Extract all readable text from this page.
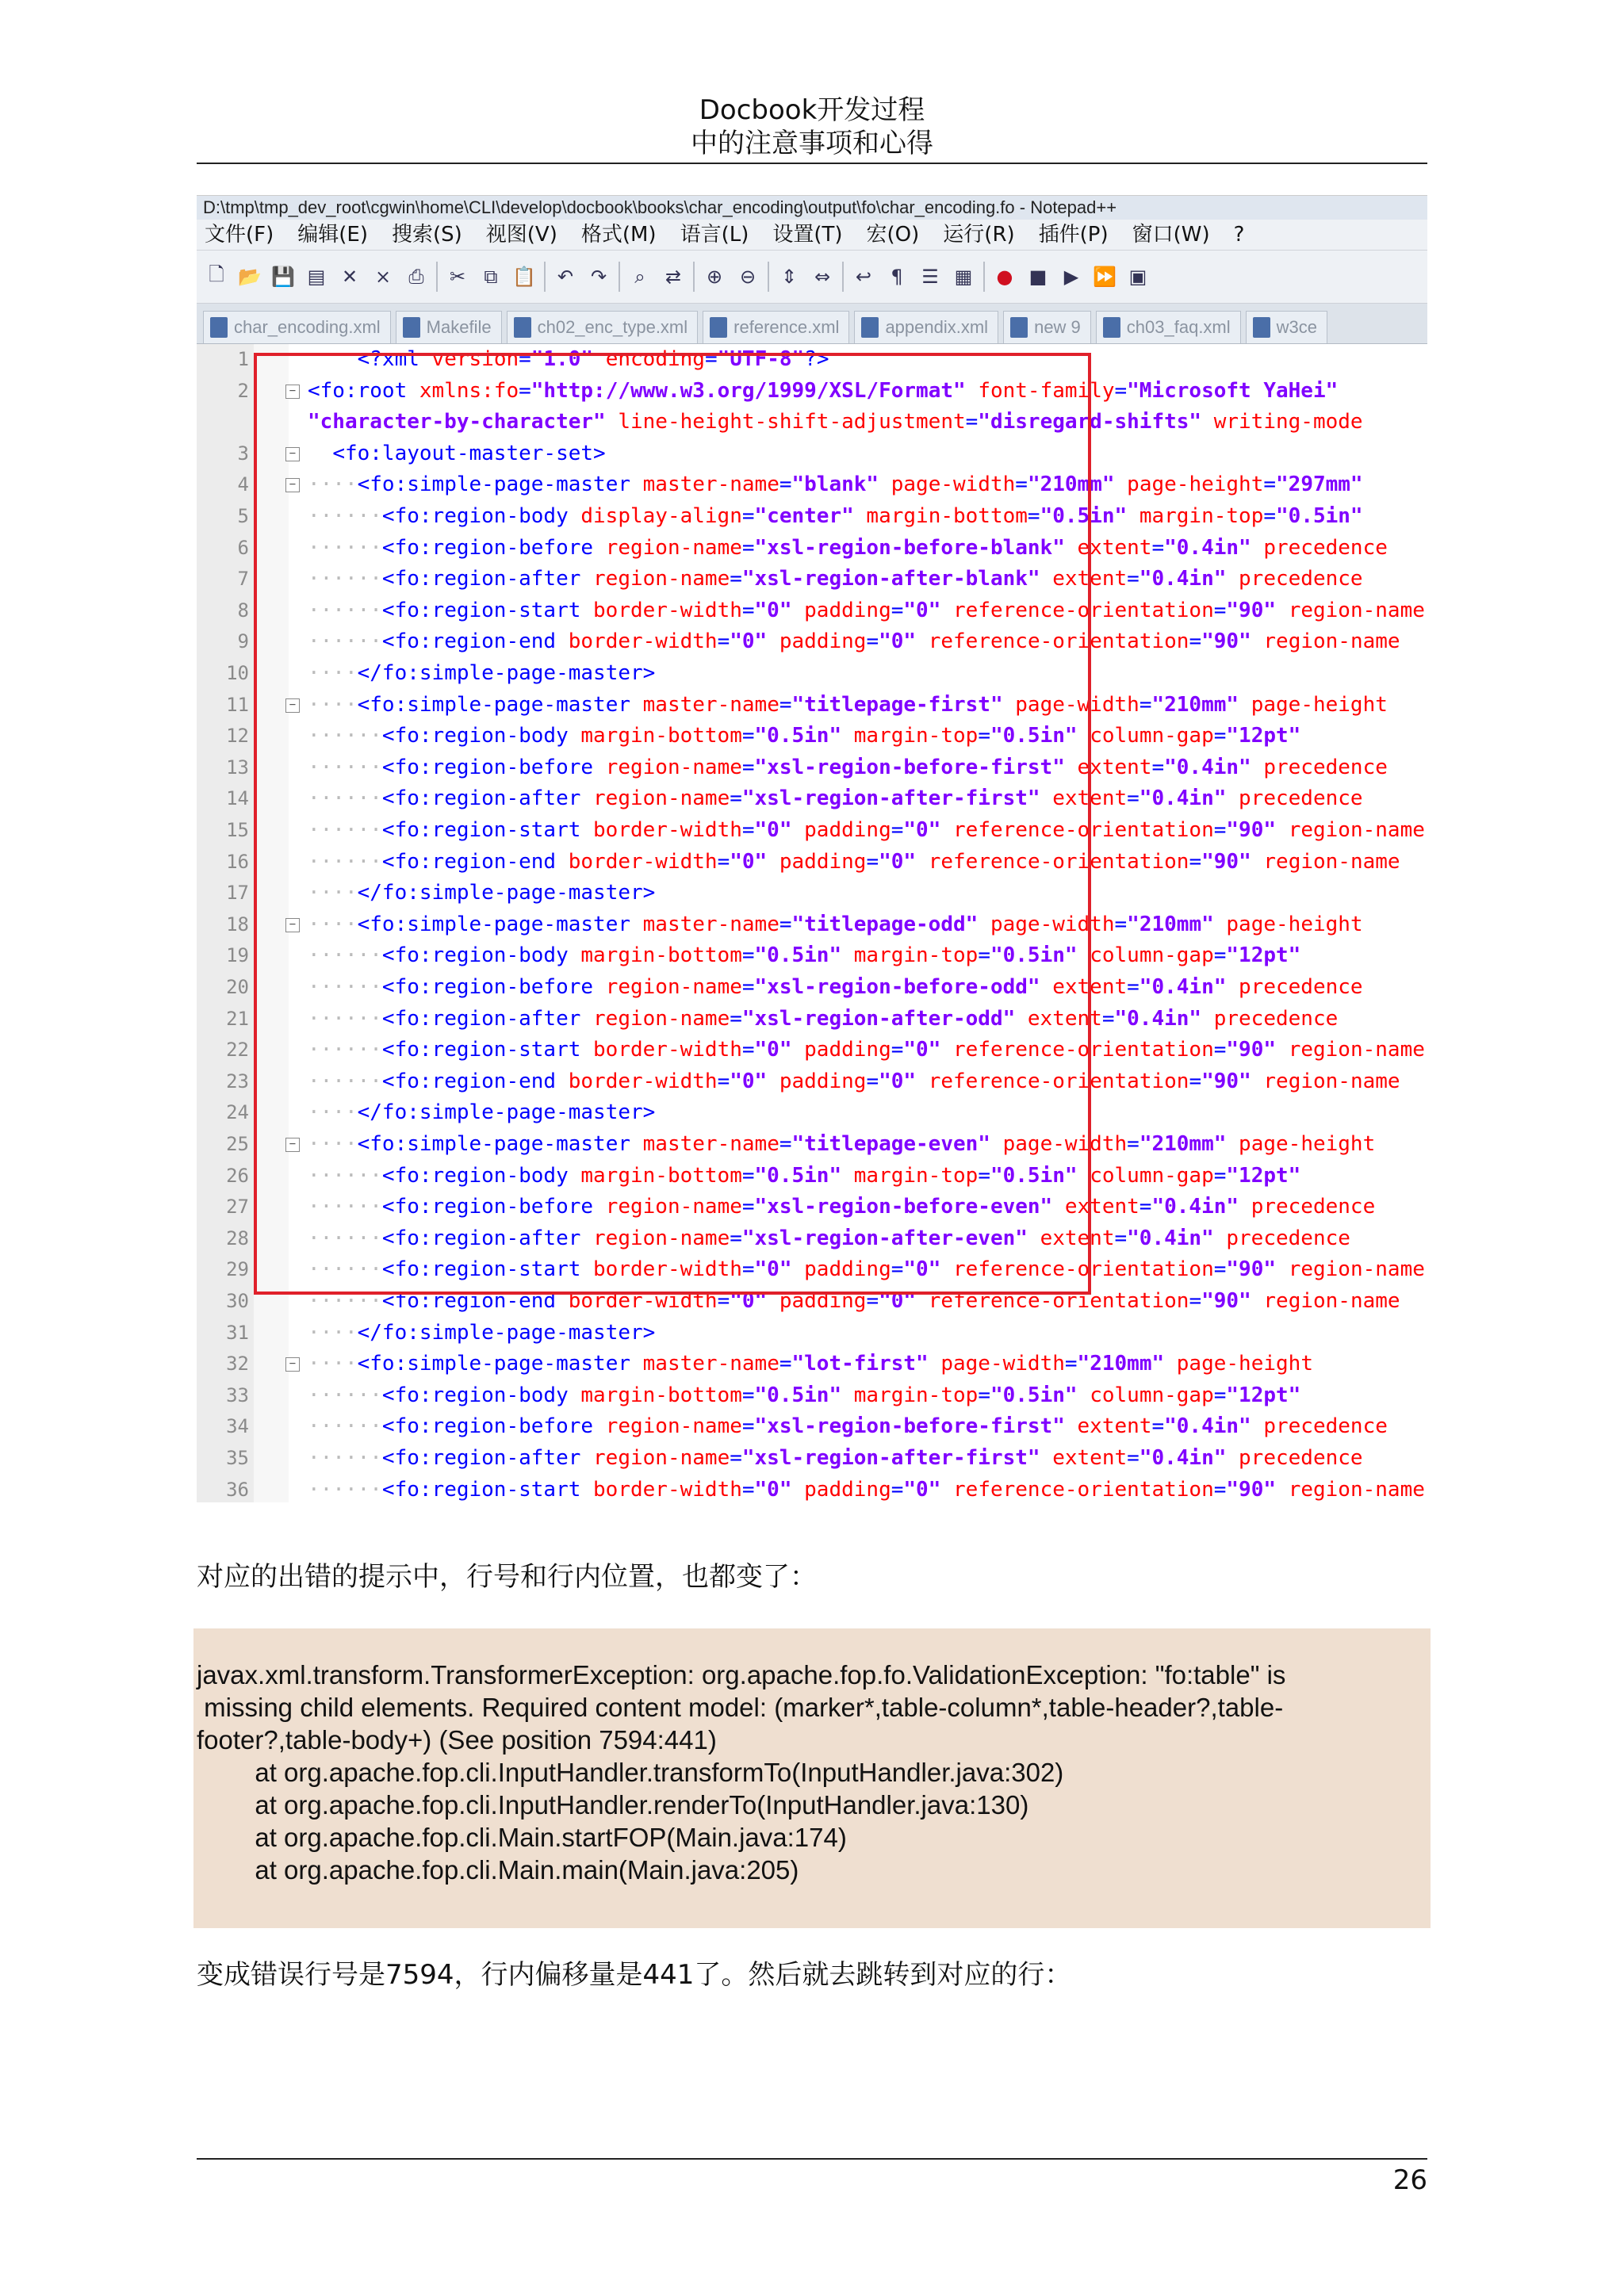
Docbook开发过程
中的注意事项和心得
D:\tmp\tmp_dev_root\cgwin\home\CLI\develop\docbook\books\char_encoding\output\fo\char_encoding.fo - Notepad++
文件(F) 编辑(E) 搜索(S) 视图(V) 格式(M) 语言(L) 设置(T) 宏(O) 运行(R) 插件(P) 窗口(W) ?
🗋 📂 💾 ▤ ✕ ⨯ ⎙	✂ ⧉ 📋 ↶ ↷	⌕	⇄ ⊕ ⊖ ⇕ ⇔ ↩	¶ ☰ ▦ ● ■ ▶ ⏩ ▣
char_encoding.xml	Makefile	ch02_enc_type.xml	reference.xml	appendix.xml	new 9	ch03_faq.xml	w3ce
1	<?xml version="1.0" encoding="UTF-8"?>
2	− <fo:root xmlns:fo="http://www.w3.org/1999/XSL/Format" font-family="Microsoft YaHei"
"character-by-character" line-height-shift-adjustment="disregard-shifts" writing-mode
3	−	<fo:layout-master-set>
4	− ····<fo:simple-page-master master-name="blank" page-width="210mm" page-height="297mm"
5	······<fo:region-body display-align="center" margin-bottom="0.5in" margin-top="0.5in"
6	······<fo:region-before region-name="xsl-region-before-blank" extent="0.4in" precedence
7	······<fo:region-after region-name="xsl-region-after-blank" extent="0.4in" precedence
8	······<fo:region-start border-width="0" padding="0" reference-orientation="90" region-name
9	······<fo:region-end border-width="0" padding="0" reference-orientation="90" region-name
10	····</fo:simple-page-master>
11	− ····<fo:simple-page-master master-name="titlepage-first" page-width="210mm" page-height
12	······<fo:region-body margin-bottom="0.5in" margin-top="0.5in" column-gap="12pt"
13	······<fo:region-before region-name="xsl-region-before-first" extent="0.4in" precedence
14	······<fo:region-after region-name="xsl-region-after-first" extent="0.4in" precedence
15	······<fo:region-start border-width="0" padding="0" reference-orientation="90" region-name
16	······<fo:region-end border-width="0" padding="0" reference-orientation="90" region-name
17	····</fo:simple-page-master>
18	− ····<fo:simple-page-master master-name="titlepage-odd" page-width="210mm" page-height
19	······<fo:region-body margin-bottom="0.5in" margin-top="0.5in" column-gap="12pt"
20	······<fo:region-before region-name="xsl-region-before-odd" extent="0.4in" precedence
21	······<fo:region-after region-name="xsl-region-after-odd" extent="0.4in" precedence
22	······<fo:region-start border-width="0" padding="0" reference-orientation="90" region-name
23	······<fo:region-end border-width="0" padding="0" reference-orientation="90" region-name
24	····</fo:simple-page-master>
25	− ····<fo:simple-page-master master-name="titlepage-even" page-width="210mm" page-height
26	······<fo:region-body margin-bottom="0.5in" margin-top="0.5in" column-gap="12pt"
27	······<fo:region-before region-name="xsl-region-before-even" extent="0.4in" precedence
28	······<fo:region-after region-name="xsl-region-after-even" extent="0.4in" precedence
29	······<fo:region-start border-width="0" padding="0" reference-orientation="90" region-name
30	······<fo:region-end border-width="0" padding="0" reference-orientation="90" region-name
31	····</fo:simple-page-master>
32	− ····<fo:simple-page-master master-name="lot-first" page-width="210mm" page-height
33	······<fo:region-body margin-bottom="0.5in" margin-top="0.5in" column-gap="12pt"
34	······<fo:region-before region-name="xsl-region-before-first" extent="0.4in" precedence
35	······<fo:region-after region-name="xsl-region-after-first" extent="0.4in" precedence
36	······<fo:region-start border-width="0" padding="0" reference-orientation="90" region-name
对应的出错的提示中，行号和行内位置，也都变了：
javax.xml.transform.TransformerException: org.apache.fop.fo.ValidationException: "fo:table" is
missing child elements. Required content model: (marker*,table-column*,table-header?,table-
footer?,table-body+) (See position 7594:441)
at org.apache.fop.cli.InputHandler.transformTo(InputHandler.java:302)
at org.apache.fop.cli.InputHandler.renderTo(InputHandler.java:130)
at org.apache.fop.cli.Main.startFOP(Main.java:174)
at org.apache.fop.cli.Main.main(Main.java:205)
变成错误行号是7594，行内偏移量是441了。然后就去跳转到对应的行：
26
